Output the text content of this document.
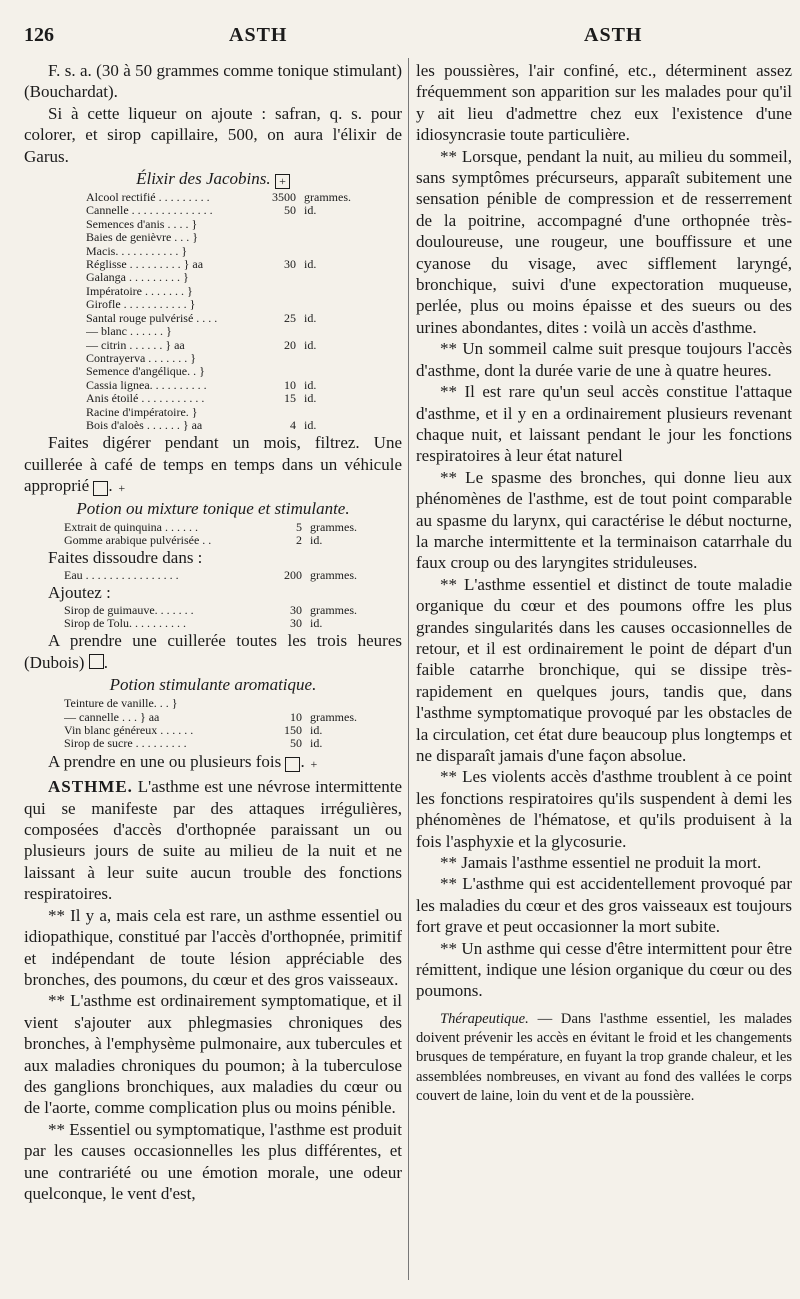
126	ASTH	ASTH

F. s. a. (30 à 50 grammes comme tonique stimulant) (Bouchardat).

Si à cette liqueur on ajoute : safran, q. s. pour colorer, et sirop capillaire, 500, on aura l'élixir de Garus.

Élixir des Jacobins. +
Alcool rectifié . . . . . . . . .	3500 grammes.
Cannelle . . . . . . . . . . . . . .	50 id.
Semences d'anis . . . . }
Baies de genièvre . . . }
Macis. . . . . . . . . . . }
Réglisse . . . . . . . . . } aa	30 id.
Galanga . . . . . . . . . }
Impératoire . . . . . . . }
Girofle . . . . . . . . . . . }
Santal rouge pulvérisé . . . .	25 id.
— blanc . . . . . . }
— citrin . . . . . . } aa	20 id.
Contrayerva . . . . . . . }
Semence d'angélique. . }
Cassia lignea. . . . . . . . . .	10 id.
Anis étoilé . . . . . . . . . . .	15 id.
Racine d'impératoire. }
Bois d'aloès . . . . . . } aa	4 id.

Faites digérer pendant un mois, filtrez. Une cuillerée à café de temps en temps dans un véhicule approprié +.

Potion ou mixture tonique et stimulante.
Extrait de quinquina . . . . . .	5 grammes.
Gomme arabique pulvérisée . .	2 id.

Faites dissoudre dans :

Eau . . . . . . . . . . . . . . . .	200 grammes.

Ajoutez :

Sirop de guimauve. . . . . . .	30 grammes.
Sirop de Tolu. . . . . . . . . .	30 id.

A prendre une cuillerée toutes les trois heures (Dubois) .

Potion stimulante aromatique.
Teinture de vanille. . . }
— cannelle . . . } aa	10 grammes.
Vin blanc généreux . . . . . .	150 id.
Sirop de sucre . . . . . . . . .	50 id.

A prendre en une ou plusieurs fois +.

ASTHME. L'asthme est une névrose intermittente qui se manifeste par des attaques irrégulières, composées d'accès d'orthopnée paraissant un ou plusieurs jours de suite au milieu de la nuit et ne laissant à leur suite aucun trouble des fonctions respiratoires.

** Il y a, mais cela est rare, un asthme essentiel ou idiopathique, constitué par l'accès d'orthopnée, primitif et indépendant de toute lésion appréciable des bronches, des poumons, du cœur et des gros vaisseaux.

** L'asthme est ordinairement symptomatique, et il vient s'ajouter aux phlegmasies chroniques des bronches, à l'emphysème pulmonaire, aux tubercules et aux maladies chroniques du poumon; à la tuberculose des ganglions bronchiques, aux maladies du cœur ou de l'aorte, comme complication plus ou moins pénible.

** Essentiel ou symptomatique, l'asthme est produit par les causes occasionnelles les plus différentes, et une contrariété ou une émotion morale, une odeur quelconque, le vent d'est,

les poussières, l'air confiné, etc., déterminent assez fréquemment son apparition sur les malades pour qu'il y ait lieu d'admettre chez eux l'existence d'une idiosyncrasie toute particulière.

** Lorsque, pendant la nuit, au milieu du sommeil, sans symptômes précurseurs, apparaît subitement une sensation pénible de compression et de resserrement de la poitrine, accompagné d'une orthopnée très-douloureuse, une rougeur, une bouffissure et une cyanose du visage, avec sifflement laryngé, bronchique, suivi d'une expectoration muqueuse, perlée, plus ou moins épaisse et des sueurs ou des urines abondantes, dites : voilà un accès d'asthme.

** Un sommeil calme suit presque toujours l'accès d'asthme, dont la durée varie de une à quatre heures.

** Il est rare qu'un seul accès constitue l'attaque d'asthme, et il y en a ordinairement plusieurs revenant chaque nuit, et laissant pendant le jour les fonctions respiratoires à leur état naturel

** Le spasme des bronches, qui donne lieu aux phénomènes de l'asthme, est de tout point comparable au spasme du larynx, qui caractérise le début nocturne, la marche intermittente et la terminaison catarrhale du faux croup ou des laryngites striduleuses.

** L'asthme essentiel et distinct de toute maladie organique du cœur et des poumons offre les plus grandes singularités dans les causes occasionnelles de retour, et il est ordinairement le point de départ d'un faible catarrhe bronchique, qui se dissipe très-rapidement en quelques jours, tandis que, dans l'asthme symptomatique provoqué par les obstacles de la circulation, cet état dure beaucoup plus longtemps et ne disparaît jamais d'une façon absolue.

** Les violents accès d'asthme troublent à ce point les fonctions respiratoires qu'ils suspendent à demi les phénomènes de l'hématose, et qu'ils produisent à la fois l'asphyxie et la glycosurie.

** Jamais l'asthme essentiel ne produit la mort.

** L'asthme qui est accidentellement provoqué par les maladies du cœur et des gros vaisseaux est toujours fort grave et peut occasionner la mort subite.

** Un asthme qui cesse d'être intermittent pour être rémittent, indique une lésion organique du cœur ou des poumons.

Thérapeutique. — Dans l'asthme essentiel, les malades doivent prévenir les accès en évitant le froid et les changements brusques de température, en fuyant la trop grande chaleur, et les assemblées nombreuses, en vivant au fond des vallées le corps couvert de laine, loin du vent et de la poussière.
